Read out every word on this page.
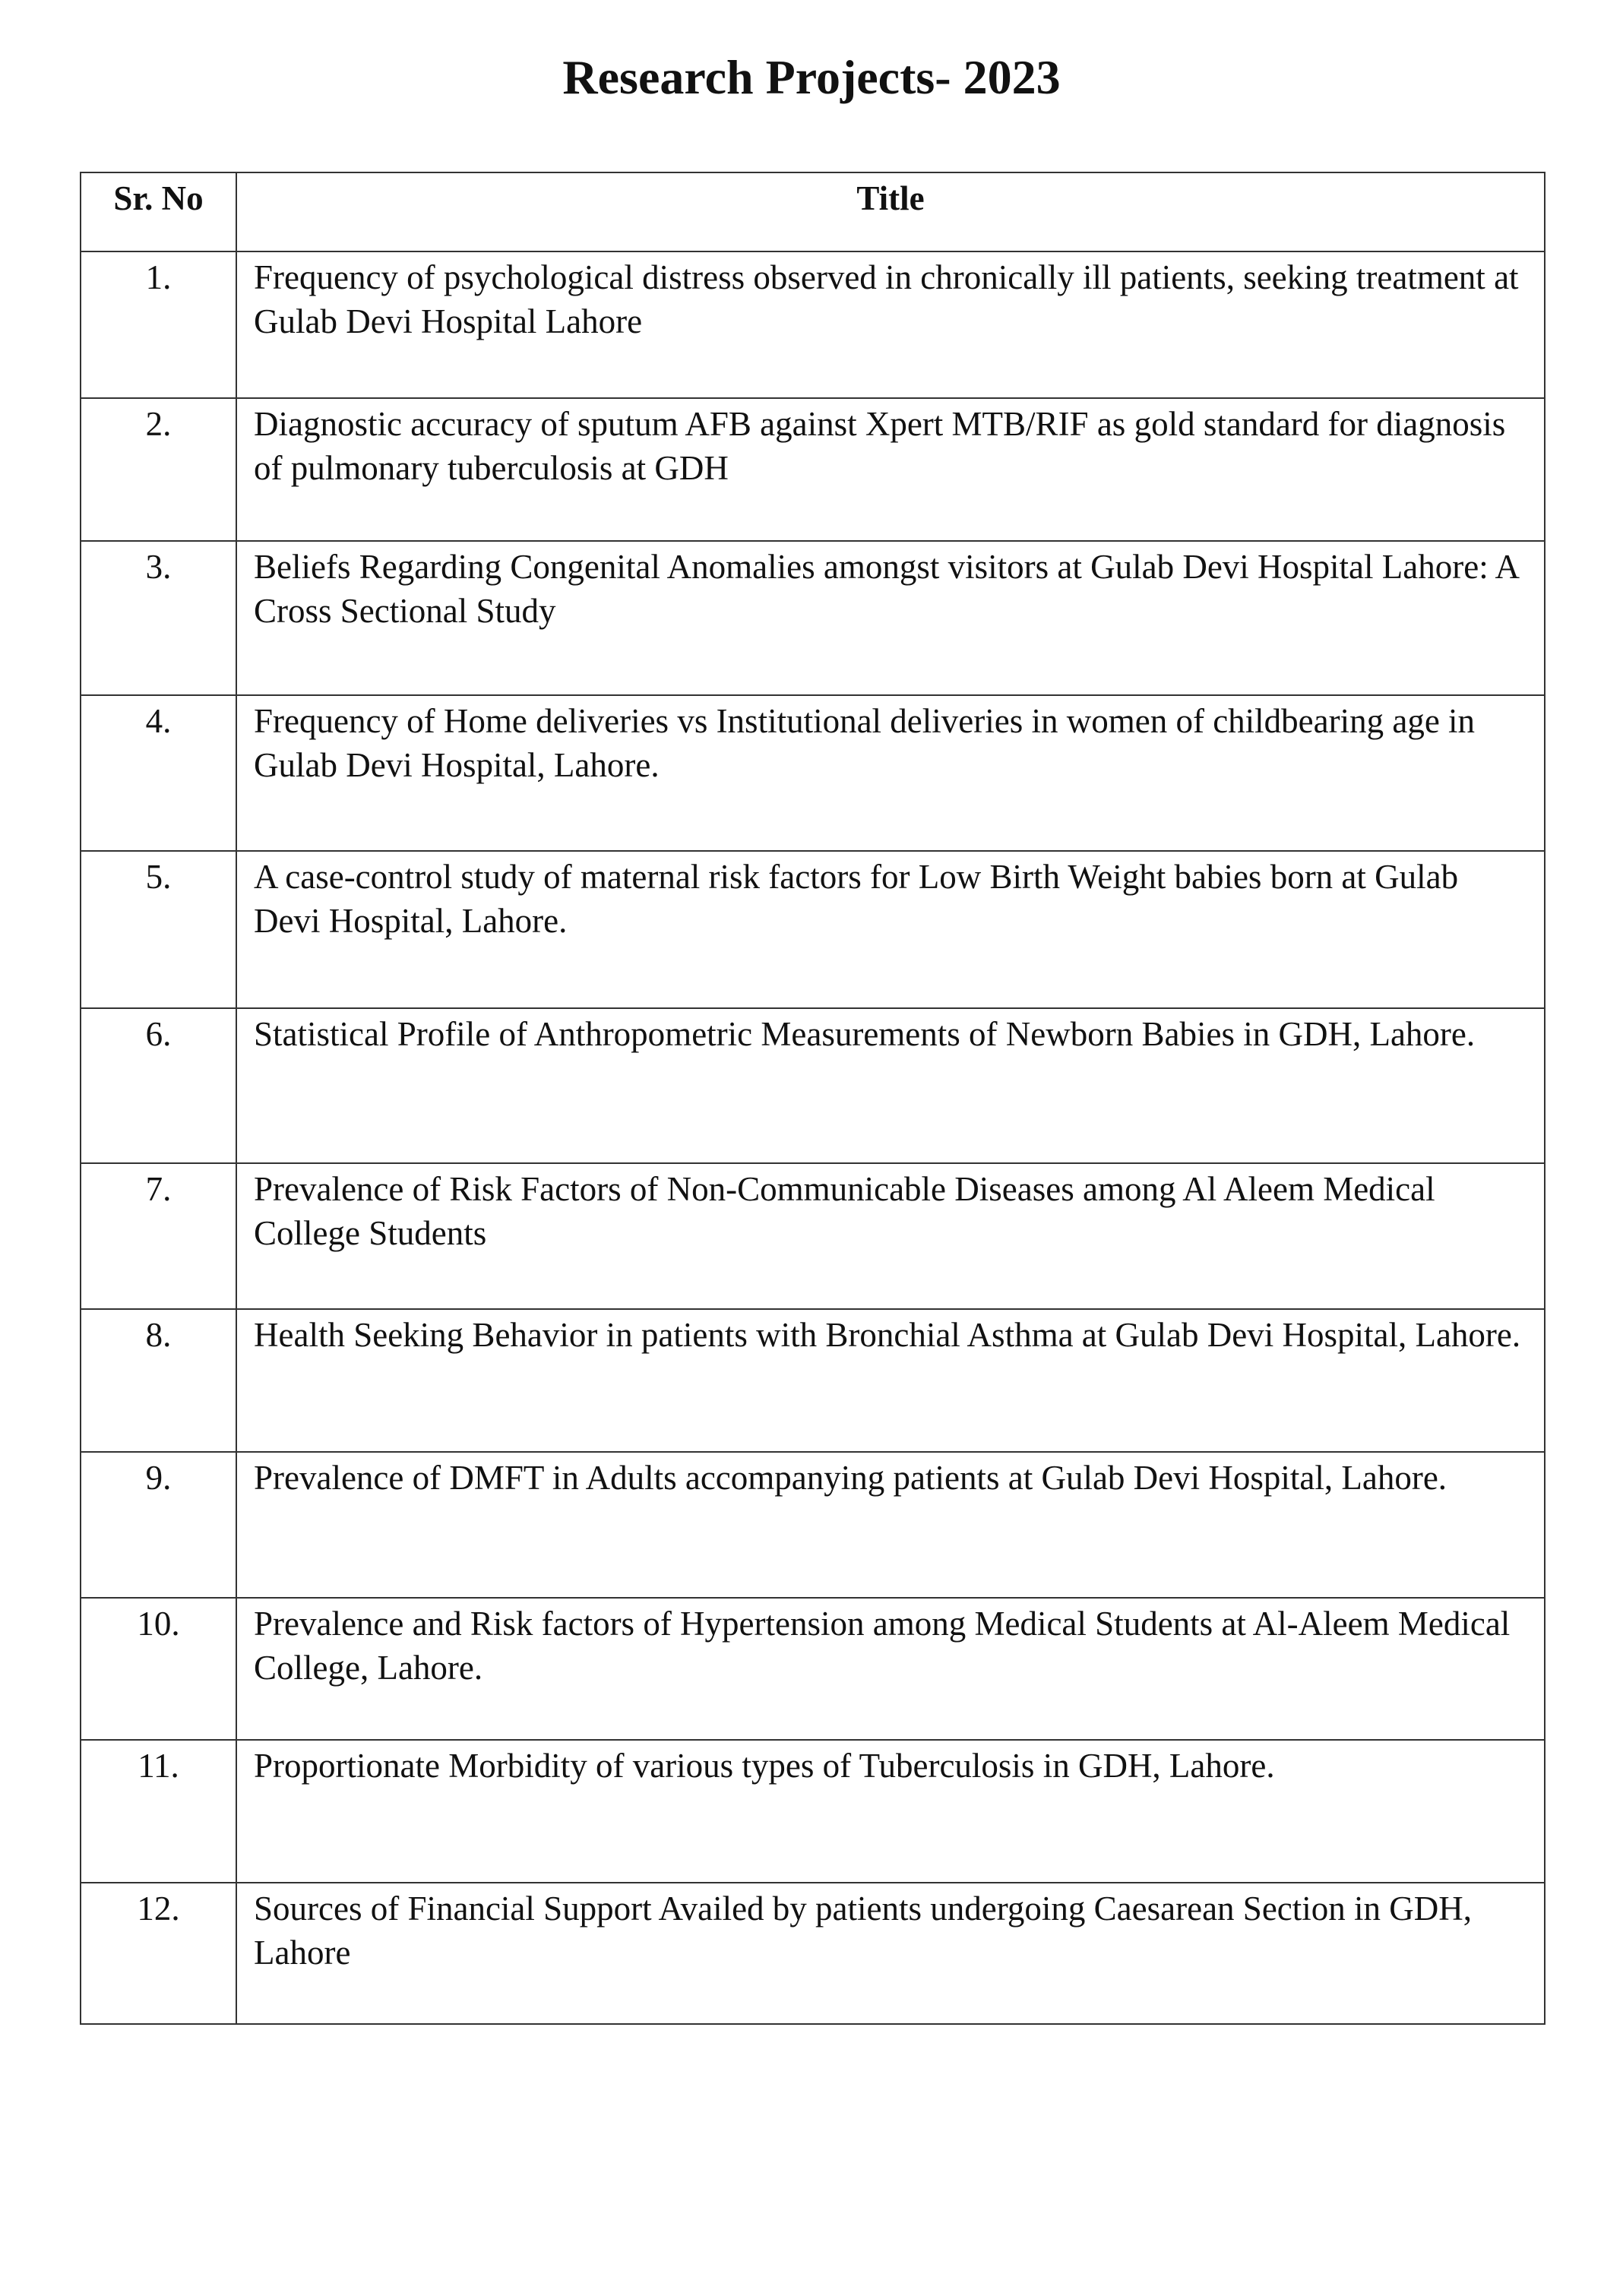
Research Projects- 2023
Sr. No	Title
1.	Frequency of psychological distress observed in chronically ill patients, seeking treatment at Gulab Devi Hospital Lahore
2.	Diagnostic accuracy of sputum AFB against Xpert MTB/RIF as gold standard for diagnosis of pulmonary tuberculosis at GDH
3.	Beliefs Regarding Congenital Anomalies amongst visitors at Gulab Devi Hospital Lahore: A Cross Sectional Study
4.	Frequency of Home deliveries vs Institutional deliveries in women of childbearing age in Gulab Devi Hospital, Lahore.
5.	A case-control study of maternal risk factors for Low Birth Weight babies born at Gulab Devi Hospital, Lahore.
6.	Statistical Profile of Anthropometric Measurements of Newborn Babies in GDH, Lahore.
7.	Prevalence of Risk Factors of Non-Communicable Diseases among Al Aleem Medical College Students
8.	Health Seeking Behavior in patients with Bronchial Asthma at Gulab Devi Hospital, Lahore.
9.	Prevalence of DMFT in Adults accompanying patients at Gulab Devi Hospital, Lahore.
10.	Prevalence and Risk factors of Hypertension among Medical Students at Al-Aleem Medical College, Lahore.
11.	Proportionate Morbidity of various types of Tuberculosis in GDH, Lahore.
12.	Sources of Financial Support Availed by patients undergoing Caesarean Section in GDH, Lahore
